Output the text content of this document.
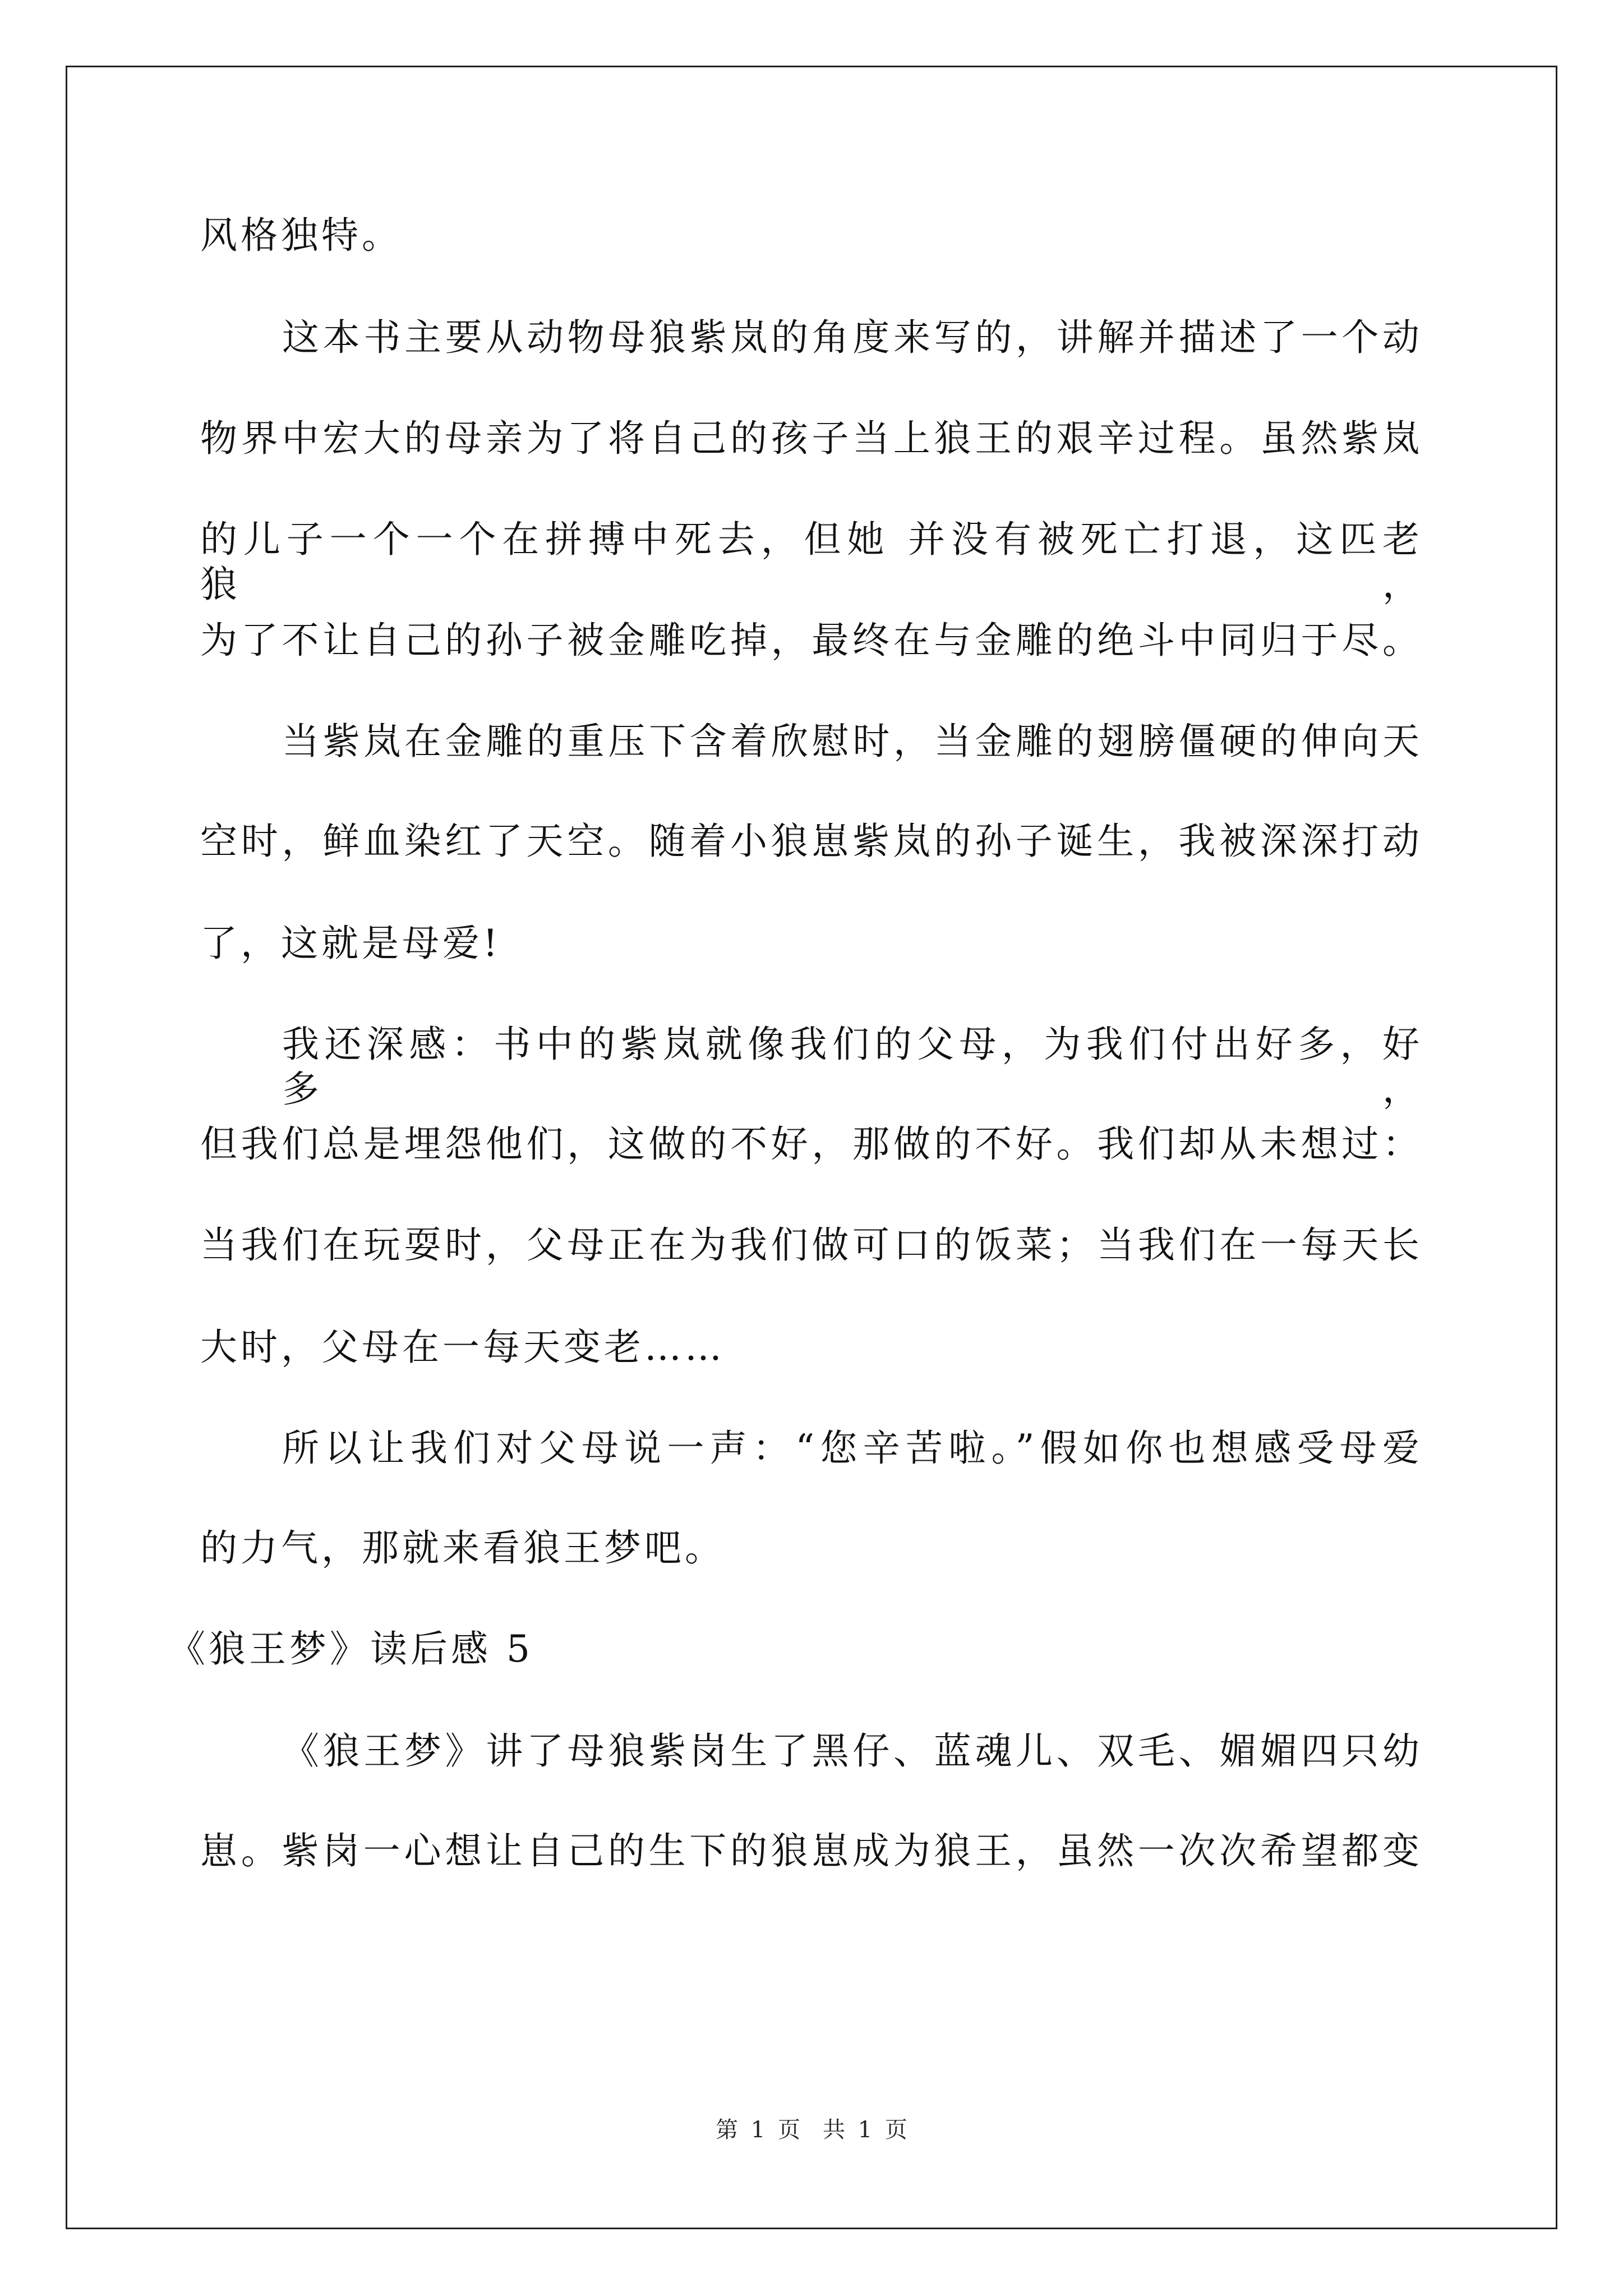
风格独特。
这本书主要从动物母狼紫岚的角度来写的，讲解并描述了一个动
物界中宏大的母亲为了将自己的孩子当上狼王的艰辛过程。虽然紫岚
的儿子一个一个在拼搏中死去，但她 并没有被死亡打退，这匹老狼，
为了不让自己的孙子被金雕吃掉，最终在与金雕的绝斗中同归于尽。
当紫岚在金雕的重压下含着欣慰时，当金雕的翅膀僵硬的伸向天
空时，鲜血染红了天空。随着小狼崽紫岚的孙子诞生，我被深深打动
了，这就是母爱!
我还深感：书中的紫岚就像我们的父母，为我们付出好多，好多，
但我们总是埋怨他们，这做的不好，那做的不好。我们却从未想过：
当我们在玩耍时，父母正在为我们做可口的饭菜；当我们在一每天长
大时，父母在一每天变老……
所以让我们对父母说一声：“您辛苦啦。”假如你也想感受母爱
的力气，那就来看狼王梦吧。
《狼王梦》读后感 5
《狼王梦》讲了母狼紫岗生了黑仔、蓝魂儿、双毛、媚媚四只幼
崽。紫岗一心想让自己的生下的狼崽成为狼王，虽然一次次希望都变
第 1 页　共 1 页
